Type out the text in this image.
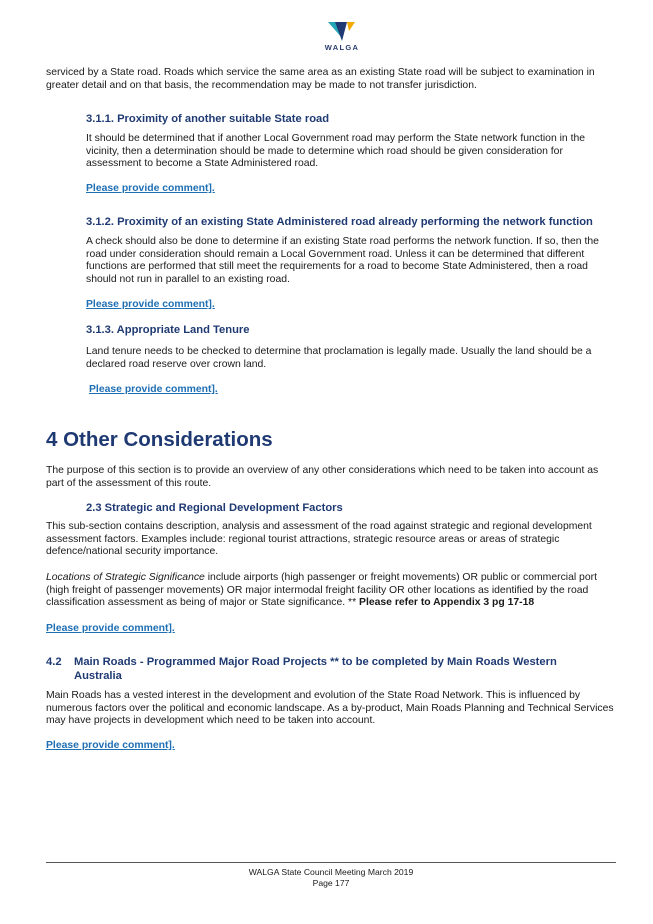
WALGA

serviced by a State road. Roads which service the same area as an existing State road will be subject to examination in greater detail and on that basis, the recommendation may be made to not transfer jurisdiction.

3.1.1. Proximity of another suitable State road

It should be determined that if another Local Government road may perform the State network function in the vicinity, then a determination should be made to determine which road should be given consideration for assessment to become a State Administered road.

Please provide comment].
3.1.2. Proximity of an existing State Administered road already performing the network function

A check should also be done to determine if an existing State road performs the network function. If so, then the road under consideration should remain a Local Government road. Unless it can be determined that different functions are performed that still meet the requirements for a road to become State Administered, then a road should not run in parallel to an existing road.

Please provide comment].
3.1.3. Appropriate Land Tenure

Land tenure needs to be checked to determine that proclamation is legally made. Usually the land should be a declared road reserve over crown land.

Please provide comment].
4 Other Considerations

The purpose of this section is to provide an overview of any other considerations which need to be taken into account as part of the assessment of this route.

2.3 Strategic and Regional Development Factors

This sub-section contains description, analysis and assessment of the road against strategic and regional development assessment factors. Examples include: regional tourist attractions, strategic resource areas or areas of strategic defence/national security importance.

Locations of Strategic Significance include airports (high passenger or freight movements) OR public or commercial port (high freight of passenger movements) OR major intermodal freight facility OR other locations as identified by the road classification assessment as being of major or State significance. ** Please refer to Appendix 3 pg 17-18

Please provide comment].
4.2	Main Roads - Programmed Major Road Projects ** to be completed by Main Roads Western
Australia

Main Roads has a vested interest in the development and evolution of the State Road Network. This is influenced by numerous factors over the political and economic landscape. As a by-product, Main Roads Planning and Technical Services may have projects in development which need to be taken into account.

Please provide comment].
WALGA State Council Meeting March 2019
Page 177
